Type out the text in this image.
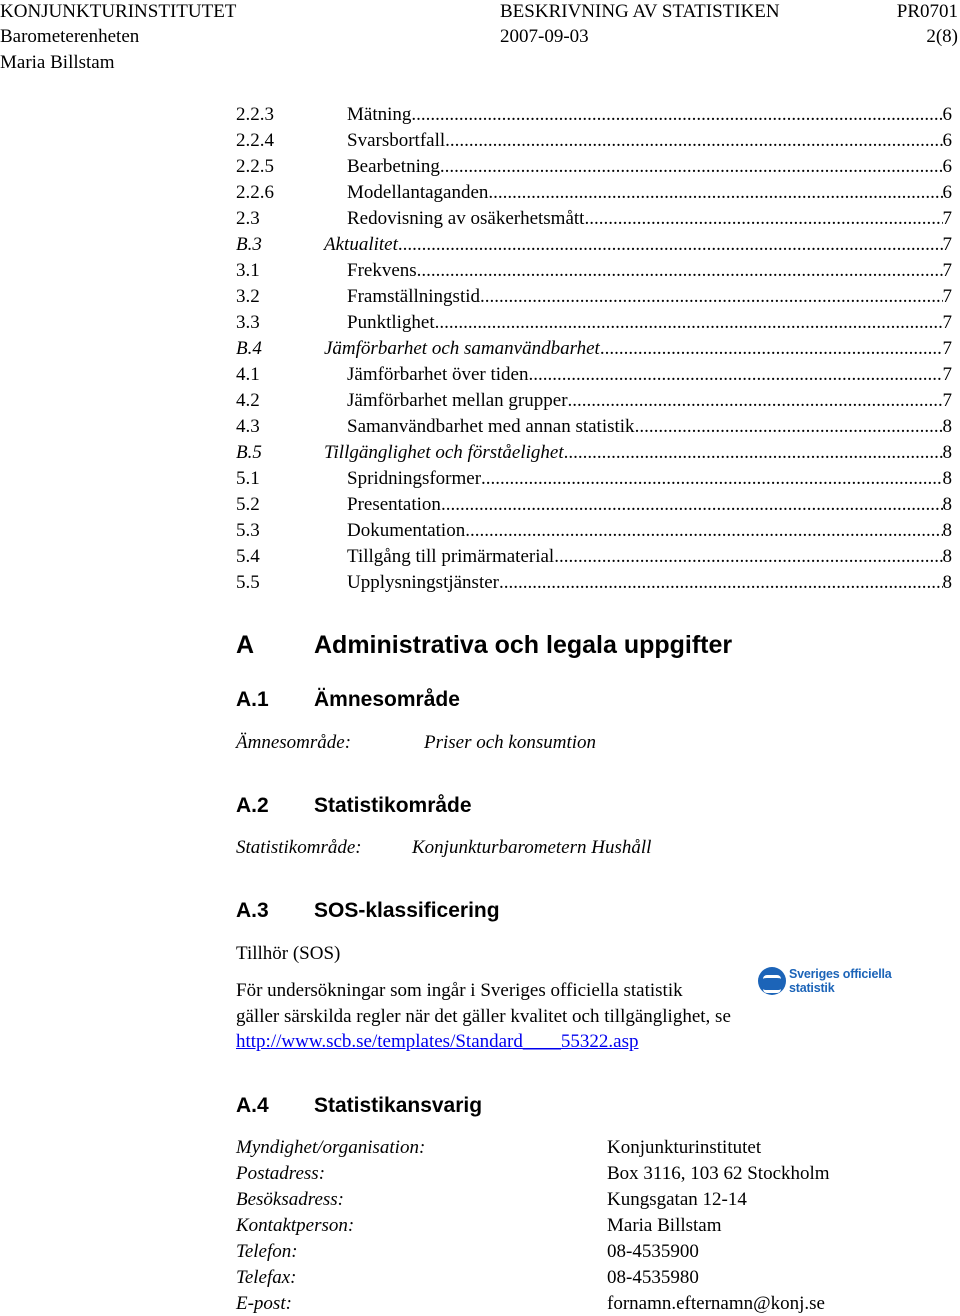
KONJUNKTURINSTITUTET	BESKRIVNING AV STATISTIKEN	PR0701
Barometerenheten	2007-09-03	2(8)
Maria Billstam
2.2.3	Mätning .....	6
2.2.4	Svarsbortfall .....	6
2.2.5	Bearbetning .....	6
2.2.6	Modellantaganden .....	6
2.3	Redovisning av osäkerhetsmått .....	7
B.3	Aktualitet .....	7
3.1	Frekvens .....	7
3.2	Framställningstid .....	7
3.3	Punktlighet .....	7
B.4	Jämförbarhet och samanvändbarhet .....	7
4.1	Jämförbarhet över tiden .....	7
4.2	Jämförbarhet mellan grupper .....	7
4.3	Samanvändbarhet med annan statistik .....	8
B.5	Tillgänglighet och förståelighet .....	8
5.1	Spridningsformer .....	8
5.2	Presentation .....	8
5.3	Dokumentation .....	8
5.4	Tillgång till primärmaterial .....	8
5.5	Upplysningstjänster .....	8
A Administrativa och legala uppgifter
A.1 Ämnesområde
Ämnesområde:	Priser och konsumtion
A.2 Statistikområde
Statistikområde:	Konjunkturbarometern Hushåll
A.3 SOS-klassificering
Tillhör (SOS)
För undersökningar som ingår i Sveriges officiella statistik
Sveriges officiella statistik
gäller särskilda regler när det gäller kvalitet och tillgänglighet, se
http://www.scb.se/templates/Standard____55322.asp
A.4 Statistikansvarig
Myndighet/organisation:	Konjunkturinstitutet
Postadress:	Box 3116, 103 62 Stockholm
Besöksadress:	Kungsgatan 12-14
Kontaktperson:	Maria Billstam
Telefon:	08-4535900
Telefax:	08-4535980
E-post:	fornamn.efternamn@konj.se
